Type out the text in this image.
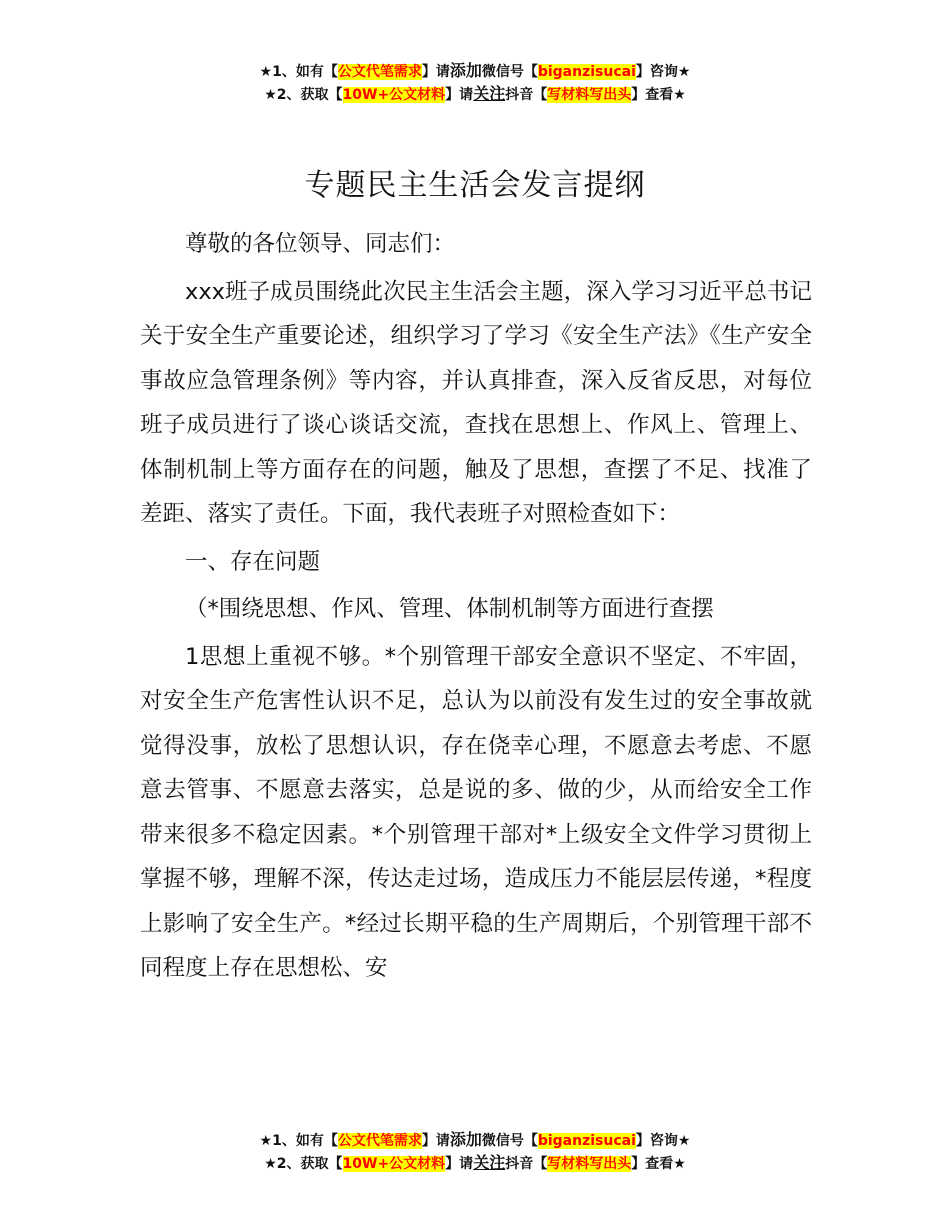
★1、如有【公文代笔需求】请添加微信号【biganzisucai】咨询★
★2、获取【10W+公文材料】请关注抖音【写材料写出头】查看★
专题民主生活会发言提纲

尊敬的各位领导、同志们：

xxx班子成员围绕此次民主生活会主题，深入学习习近平总书记关于安全生产重要论述，组织学习了学习《安全生产法》《生产安全事故应急管理条例》等内容，并认真排查，深入反省反思，对每位班子成员进行了谈心谈话交流，查找在思想上、作风上、管理上、体制机制上等方面存在的问题，触及了思想，查摆了不足、找准了差距、落实了责任。下面，我代表班子对照检查如下：

一、存在问题

（*围绕思想、作风、管理、体制机制等方面进行查摆

1思想上重视不够。*个别管理干部安全意识不坚定、不牢固，对安全生产危害性认识不足，总认为以前没有发生过的安全事故就觉得没事，放松了思想认识，存在侥幸心理，不愿意去考虑、不愿意去管事、不愿意去落实，总是说的多、做的少，从而给安全工作带来很多不稳定因素。*个别管理干部对*上级安全文件学习贯彻上掌握不够，理解不深，传达走过场，造成压力不能层层传递，*程度上影响了安全生产。*经过长期平稳的生产周期后，个别管理干部不同程度上存在思想松、安

★1、如有【公文代笔需求】请添加微信号【biganzisucai】咨询★
★2、获取【10W+公文材料】请关注抖音【写材料写出头】查看★
